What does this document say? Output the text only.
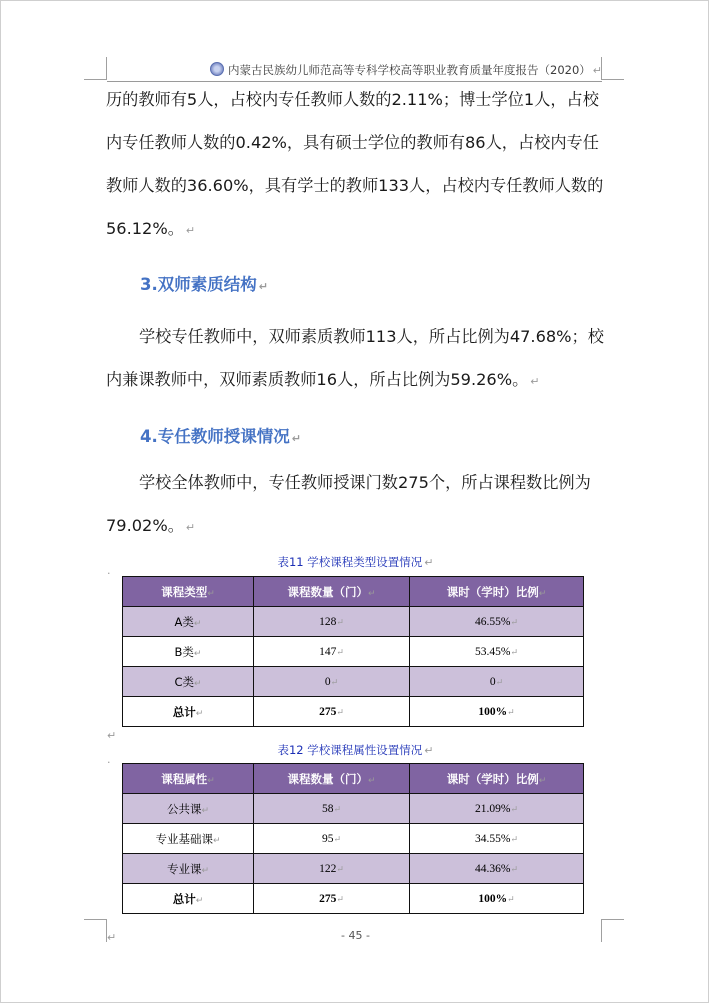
内蒙古民族幼儿师范高等专科学校高等职业教育质量年度报告（2020） ↵

历的教师有5人，占校内专任教师人数的2.11%；博士学位1人，占校内专任教师人数的0.42%，具有硕士学位的教师有86人，占校内专任教师人数的36.60%，具有学士的教师133人，占校内专任教师人数的56.12%。 ↵

3.双师素质结构 ↵

学校专任教师中，双师素质教师113人，所占比例为47.68%；校内兼课教师中，双师素质教师16人，所占比例为59.26%。 ↵

4.专任教师授课情况 ↵

学校全体教师中，专任教师授课门数275个，所占课程数比例为79.02%。 ↵

表11 学校课程类型设置情况 ↵
·
课程类型↵	课程数量（门）↵	课时（学时）比例↵
A类↵	128↵	46.55%↵
B类↵	147↵	53.45%↵
C类↵	0↵	0↵
总计↵	275↵	100%↵
↵
表12 学校课程属性设置情况 ↵
·
课程属性↵	课程数量（门）↵	课时（学时）比例↵
公共课↵	58↵	21.09%↵
专业基础课↵	95↵	34.55%↵
专业课↵	122↵	44.36%↵
总计↵	275↵	100%↵
↵	- 45 -
